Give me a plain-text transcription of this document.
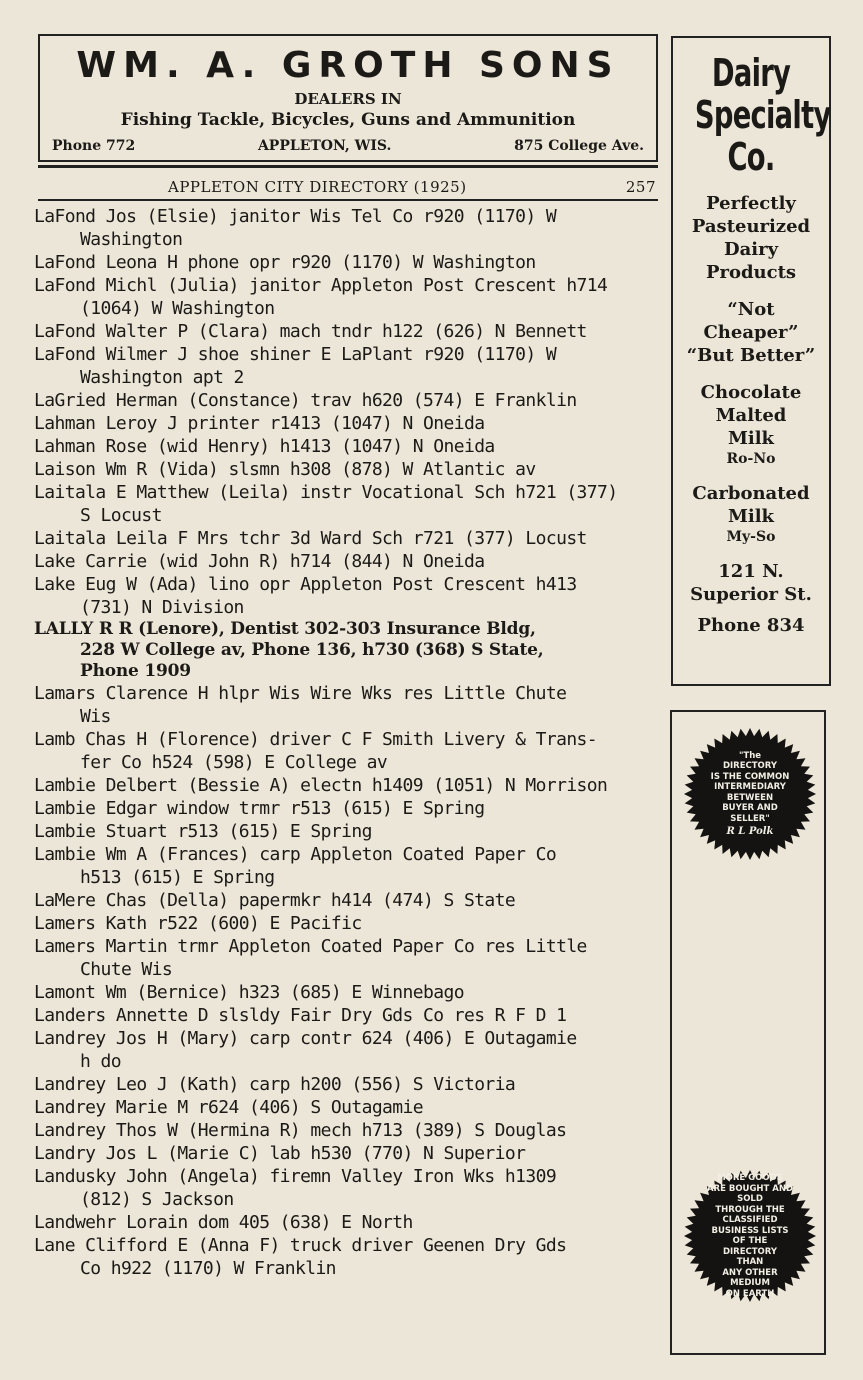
WM. A. GROTH SONS
DEALERS IN
Fishing Tackle, Bicycles, Guns and Ammunition
Phone 772	APPLETON, WIS.	875 College Ave.
APPLETON CITY DIRECTORY (1925)	257
LaFond Jos (Elsie) janitor Wis Tel Co r920 (1170) W
Washington
LaFond Leona H phone opr r920 (1170) W Washington
LaFond Michl (Julia) janitor Appleton Post Crescent h714
(1064) W Washington
LaFond Walter P (Clara) mach tndr h122 (626) N Bennett
LaFond Wilmer J shoe shiner E LaPlant r920 (1170) W
Washington apt 2
LaGried Herman (Constance) trav h620 (574) E Franklin
Lahman Leroy J printer r1413 (1047) N Oneida
Lahman Rose (wid Henry) h1413 (1047) N Oneida
Laison Wm R (Vida) slsmn h308 (878) W Atlantic av
Laitala E Matthew (Leila) instr Vocational Sch h721 (377)
S Locust
Laitala Leila F Mrs tchr 3d Ward Sch r721 (377) Locust
Lake Carrie (wid John R) h714 (844) N Oneida
Lake Eug W (Ada) lino opr Appleton Post Crescent h413
(731) N Division
LALLY R R (Lenore), Dentist 302-303 Insurance Bldg,
228 W College av, Phone 136, h730 (368) S State,
Phone 1909
Lamars Clarence H hlpr Wis Wire Wks res Little Chute
Wis
Lamb Chas H (Florence) driver C F Smith Livery & Trans-
fer Co h524 (598) E College av
Lambie Delbert (Bessie A) electn h1409 (1051) N Morrison
Lambie Edgar window trmr r513 (615) E Spring
Lambie Stuart r513 (615) E Spring
Lambie Wm A (Frances) carp Appleton Coated Paper Co
h513 (615) E Spring
LaMere Chas (Della) papermkr h414 (474) S State
Lamers Kath r522 (600) E Pacific
Lamers Martin trmr Appleton Coated Paper Co res Little
Chute Wis
Lamont Wm (Bernice) h323 (685) E Winnebago
Landers Annette D slsldy Fair Dry Gds Co res R F D 1
Landrey Jos H (Mary) carp contr 624 (406) E Outagamie
h do
Landrey Leo J (Kath) carp h200 (556) S Victoria
Landrey Marie M r624 (406) S Outagamie
Landrey Thos W (Hermina R) mech h713 (389) S Douglas
Landry Jos L (Marie C) lab h530 (770) N Superior
Landusky John (Angela) firemn Valley Iron Wks h1309
(812) S Jackson
Landwehr Lorain dom 405 (638) E North
Lane Clifford E (Anna F) truck driver Geenen Dry Gds
Co h922 (1170) W Franklin
Dairy
Specialty
Co.
Perfectly
Pasteurized
Dairy
Products
“Not
Cheaper”
“But Better”
Chocolate
Malted
Milk
Ro-No
Carbonated
Milk
My-So
121 N.
Superior St.
Phone 834
"The
DIRECTORY
IS THE COMMON
INTERMEDIARY
BETWEEN
BUYER AND SELLER"
R L Polk
MORE GOODS
ARE BOUGHT AND SOLD
THROUGH THE
CLASSIFIED BUSINESS LISTS
OF THE
DIRECTORY
THAN
ANY OTHER MEDIUM
ON EARTH
